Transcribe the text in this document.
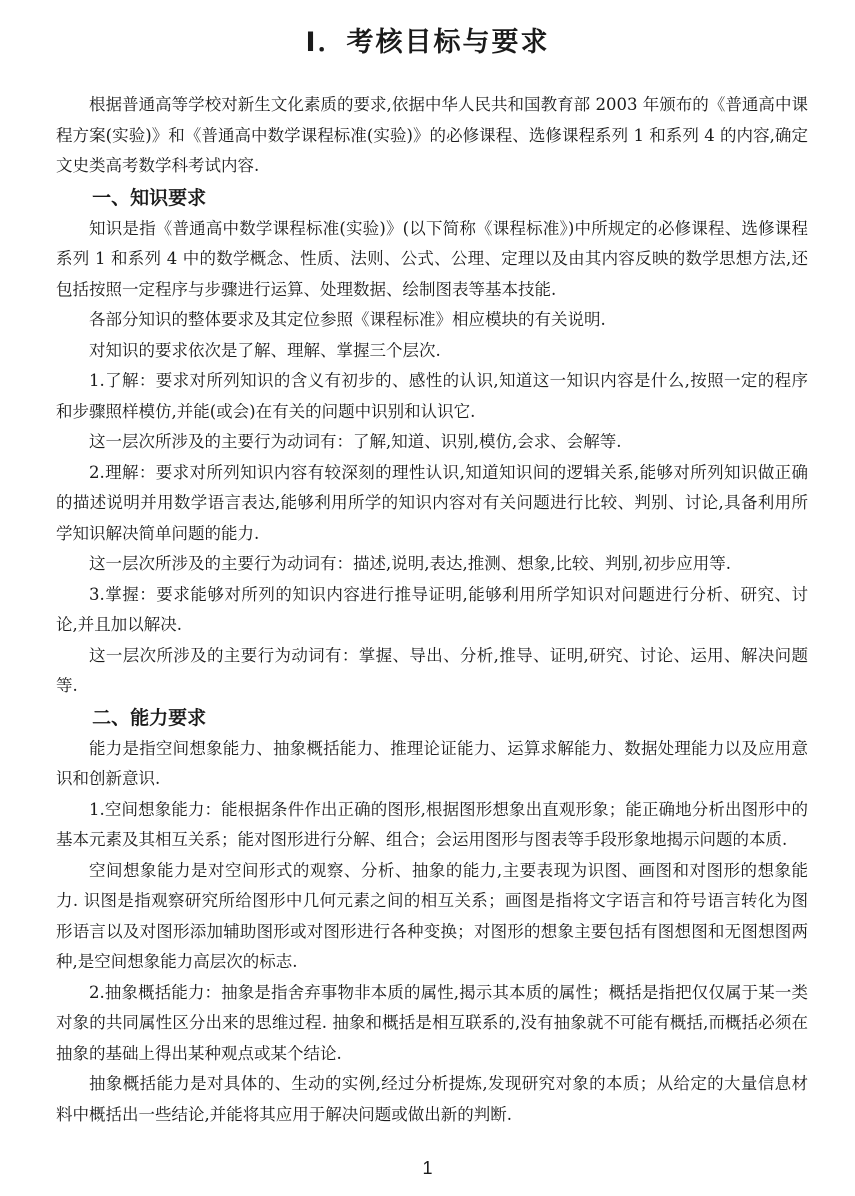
I．考核目标与要求

根据普通高等学校对新生文化素质的要求,依据中华人民共和国教育部 2003 年颁布的《普通高中课程方案(实验)》和《普通高中数学课程标准(实验)》的必修课程、选修课程系列 1 和系列 4 的内容,确定文史类高考数学科考试内容.

一、知识要求

知识是指《普通高中数学课程标准(实验)》(以下简称《课程标准》)中所规定的必修课程、选修课程系列 1 和系列 4 中的数学概念、性质、法则、公式、公理、定理以及由其内容反映的数学思想方法,还包括按照一定程序与步骤进行运算、处理数据、绘制图表等基本技能.

各部分知识的整体要求及其定位参照《课程标准》相应模块的有关说明.

对知识的要求依次是了解、理解、掌握三个层次.

1.了解：要求对所列知识的含义有初步的、感性的认识,知道这一知识内容是什么,按照一定的程序和步骤照样模仿,并能(或会)在有关的问题中识别和认识它.

这一层次所涉及的主要行为动词有：了解,知道、识别,模仿,会求、会解等.

2.理解：要求对所列知识内容有较深刻的理性认识,知道知识间的逻辑关系,能够对所列知识做正确的描述说明并用数学语言表达,能够利用所学的知识内容对有关问题进行比较、判别、讨论,具备利用所学知识解决简单问题的能力.

这一层次所涉及的主要行为动词有：描述,说明,表达,推测、想象,比较、判别,初步应用等.

3.掌握：要求能够对所列的知识内容进行推导证明,能够利用所学知识对问题进行分析、研究、讨论,并且加以解决.

这一层次所涉及的主要行为动词有：掌握、导出、分析,推导、证明,研究、讨论、运用、解决问题等.

二、能力要求

能力是指空间想象能力、抽象概括能力、推理论证能力、运算求解能力、数据处理能力以及应用意识和创新意识.

1.空间想象能力：能根据条件作出正确的图形,根据图形想象出直观形象；能正确地分析出图形中的基本元素及其相互关系；能对图形进行分解、组合；会运用图形与图表等手段形象地揭示问题的本质.

空间想象能力是对空间形式的观察、分析、抽象的能力,主要表现为识图、画图和对图形的想象能力. 识图是指观察研究所给图形中几何元素之间的相互关系；画图是指将文字语言和符号语言转化为图形语言以及对图形添加辅助图形或对图形进行各种变换；对图形的想象主要包括有图想图和无图想图两种,是空间想象能力高层次的标志.

2.抽象概括能力：抽象是指舍弃事物非本质的属性,揭示其本质的属性；概括是指把仅仅属于某一类对象的共同属性区分出来的思维过程. 抽象和概括是相互联系的,没有抽象就不可能有概括,而概括必须在抽象的基础上得出某种观点或某个结论.

抽象概括能力是对具体的、生动的实例,经过分析提炼,发现研究对象的本质；从给定的大量信息材料中概括出一些结论,并能将其应用于解决问题或做出新的判断.

1
